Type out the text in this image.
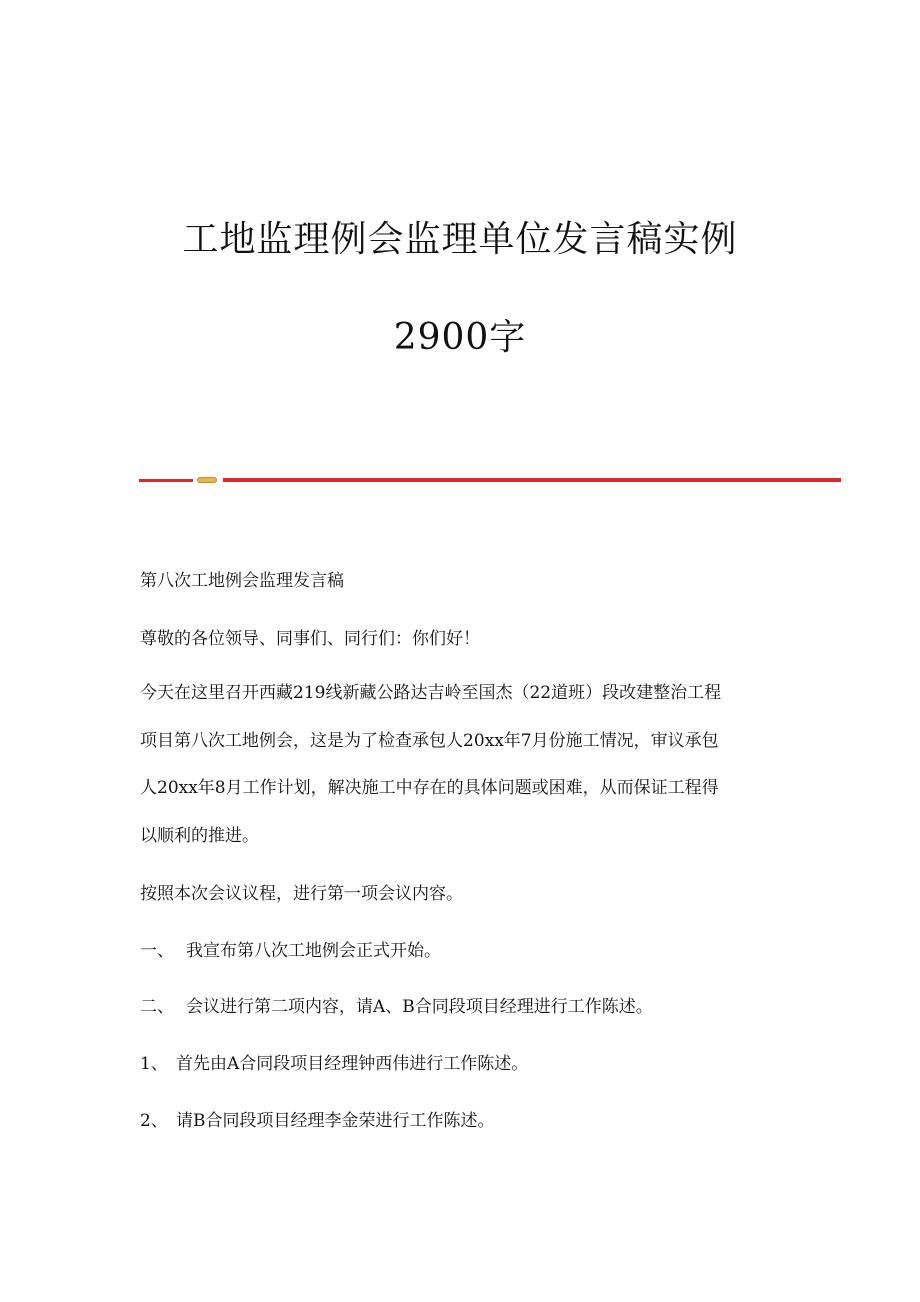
工地监理例会监理单位发言稿实例
2900字
第八次工地例会监理发言稿
尊敬的各位领导、同事们、同行们：你们好！
今天在这里召开西藏219线新藏公路达吉岭至国杰（22道班）段改建整治工程
项目第八次工地例会，这是为了检查承包人20xx年7月份施工情况，审议承包
人20xx年8月工作计划，解决施工中存在的具体问题或困难，从而保证工程得
以顺利的推进。
按照本次会议议程，进行第一项会议内容。
一、 我宣布第八次工地例会正式开始。
二、 会议进行第二项内容，请A、B合同段项目经理进行工作陈述。
1、 首先由A合同段项目经理钟西伟进行工作陈述。
2、 请B合同段项目经理李金荣进行工作陈述。
